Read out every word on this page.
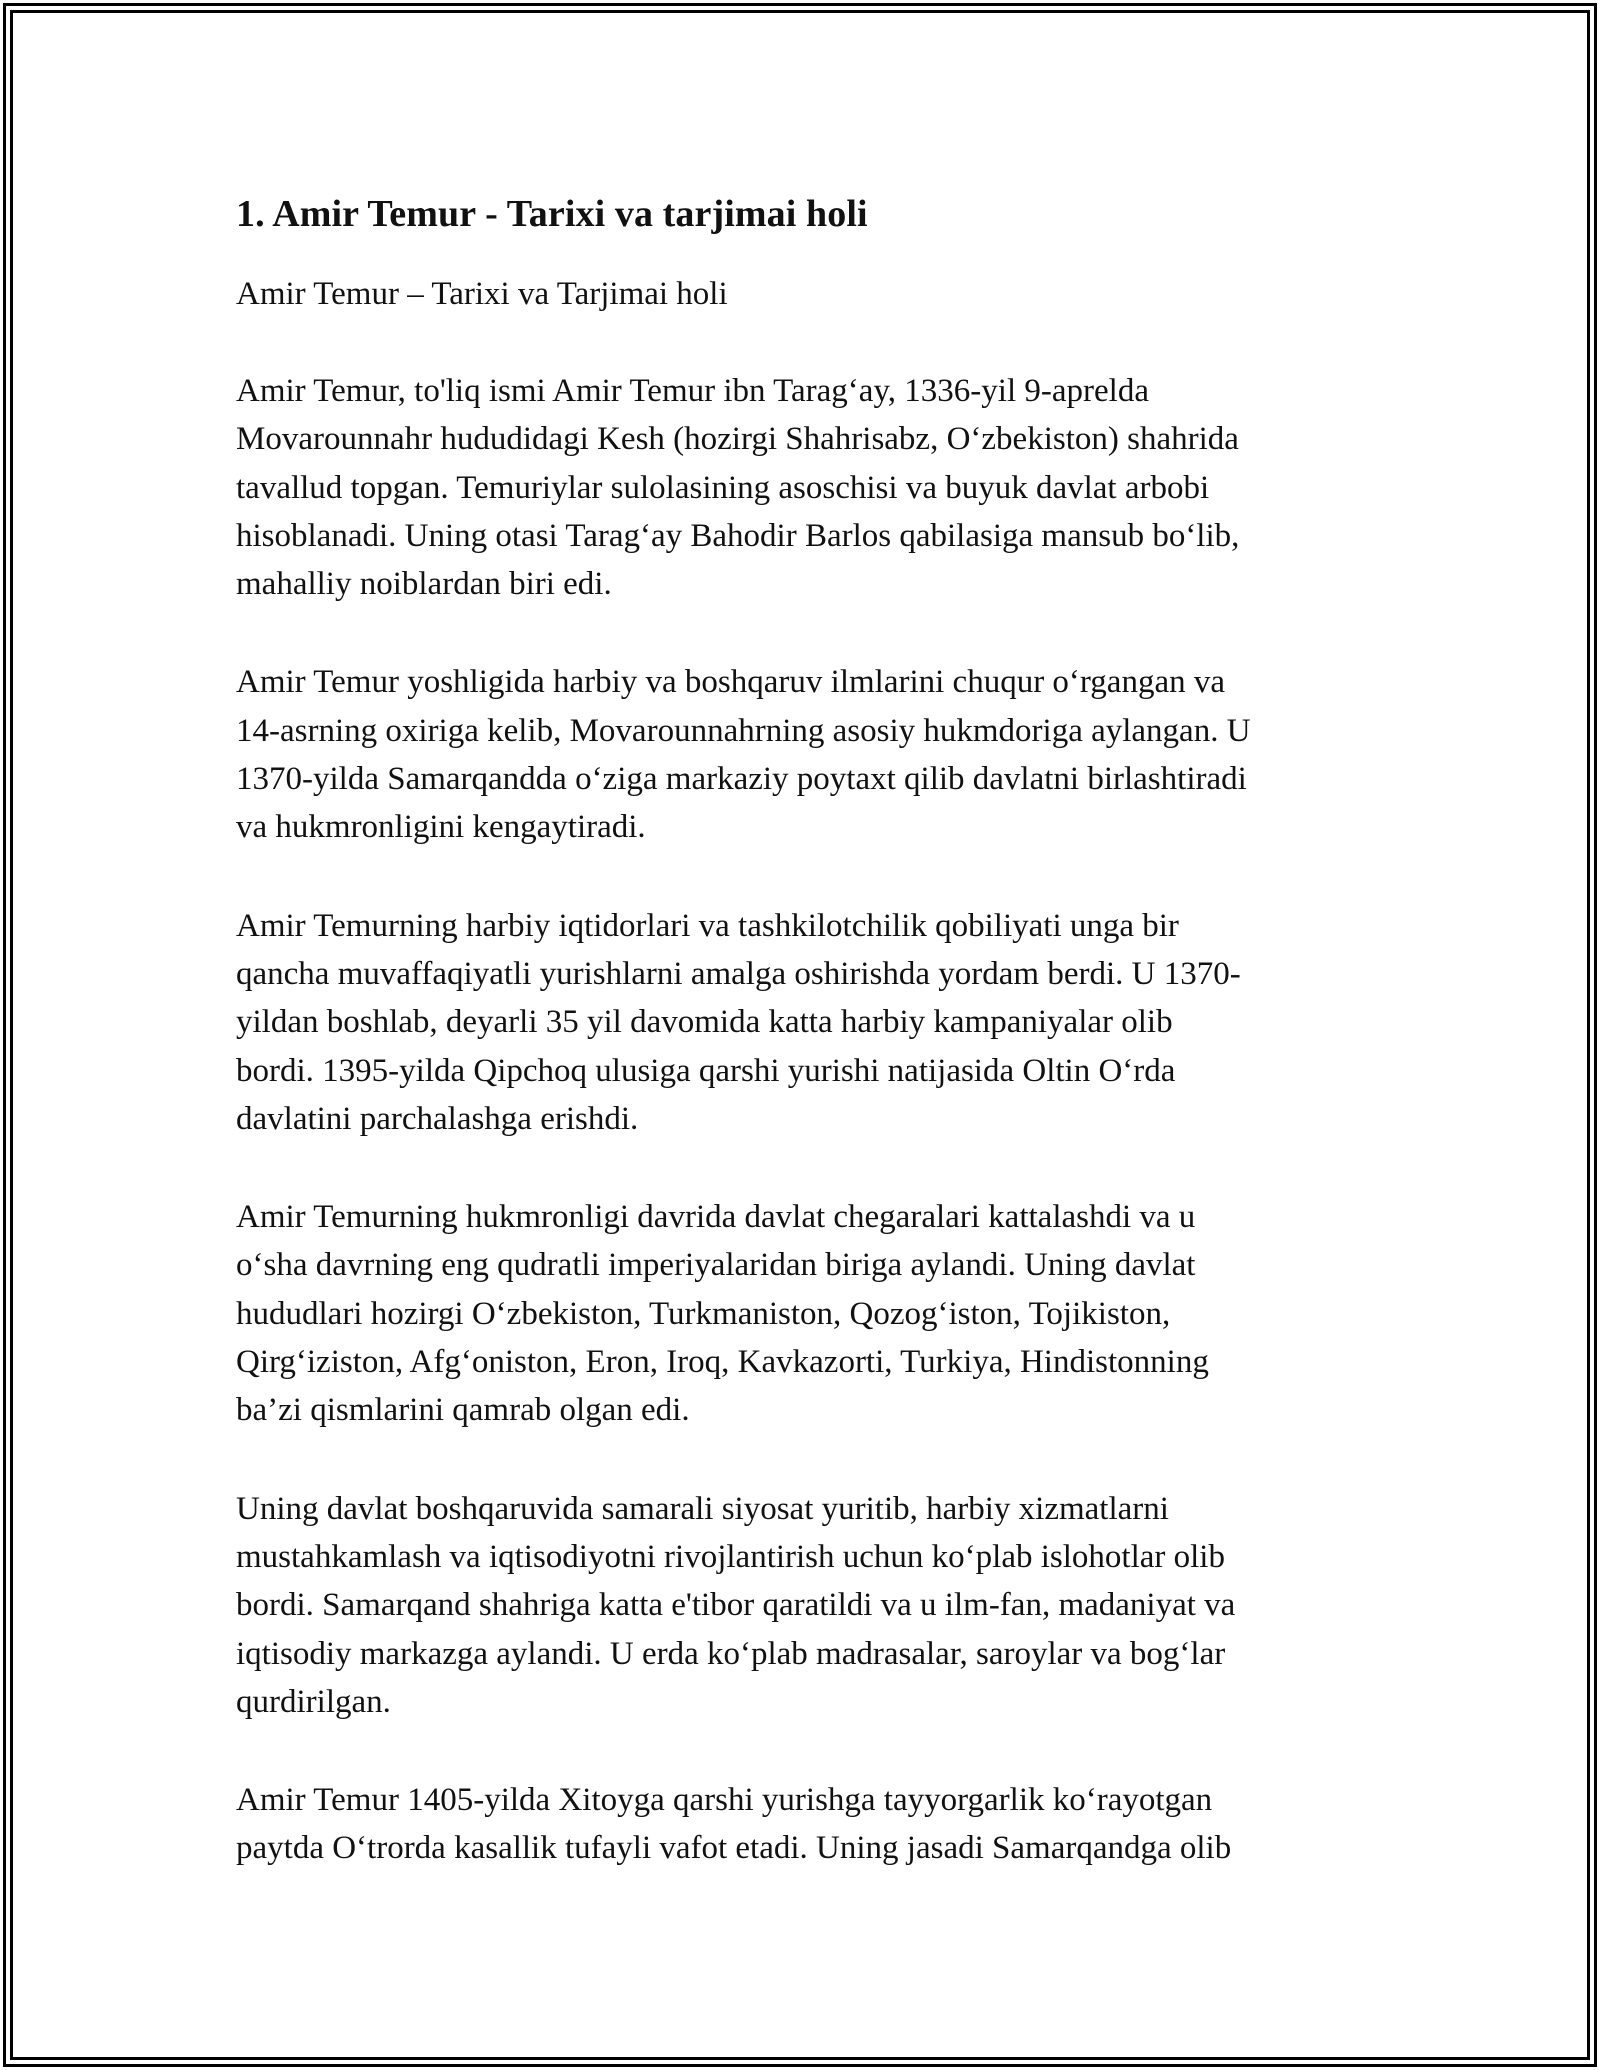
1. Amir Temur - Tarixi va tarjimai holi

Amir Temur – Tarixi va Tarjimai holi

Amir Temur, to'liq ismi Amir Temur ibn Tarag‘ay, 1336-yil 9-aprelda
Movarounnahr hududidagi Kesh (hozirgi Shahrisabz, O‘zbekiston) shahrida
tavallud topgan. Temuriylar sulolasining asoschisi va buyuk davlat arbobi
hisoblanadi. Uning otasi Tarag‘ay Bahodir Barlos qabilasiga mansub bo‘lib,
mahalliy noiblardan biri edi.

Amir Temur yoshligida harbiy va boshqaruv ilmlarini chuqur o‘rgangan va
14-asrning oxiriga kelib, Movarounnahrning asosiy hukmdoriga aylangan. U
1370-yilda Samarqandda o‘ziga markaziy poytaxt qilib davlatni birlashtiradi
va hukmronligini kengaytiradi.

Amir Temurning harbiy iqtidorlari va tashkilotchilik qobiliyati unga bir
qancha muvaffaqiyatli yurishlarni amalga oshirishda yordam berdi. U 1370-
yildan boshlab, deyarli 35 yil davomida katta harbiy kampaniyalar olib
bordi. 1395-yilda Qipchoq ulusiga qarshi yurishi natijasida Oltin O‘rda
davlatini parchalashga erishdi.

Amir Temurning hukmronligi davrida davlat chegaralari kattalashdi va u
o‘sha davrning eng qudratli imperiyalaridan biriga aylandi. Uning davlat
hududlari hozirgi O‘zbekiston, Turkmaniston, Qozog‘iston, Tojikiston,
Qirg‘iziston, Afg‘oniston, Eron, Iroq, Kavkazorti, Turkiya, Hindistonning
ba’zi qismlarini qamrab olgan edi.

Uning davlat boshqaruvida samarali siyosat yuritib, harbiy xizmatlarni
mustahkamlash va iqtisodiyotni rivojlantirish uchun ko‘plab islohotlar olib
bordi. Samarqand shahriga katta e'tibor qaratildi va u ilm-fan, madaniyat va
iqtisodiy markazga aylandi. U erda ko‘plab madrasalar, saroylar va bog‘lar
qurdirilgan.

Amir Temur 1405-yilda Xitoyga qarshi yurishga tayyorgarlik ko‘rayotgan
paytda O‘trorda kasallik tufayli vafot etadi. Uning jasadi Samarqandga olib
